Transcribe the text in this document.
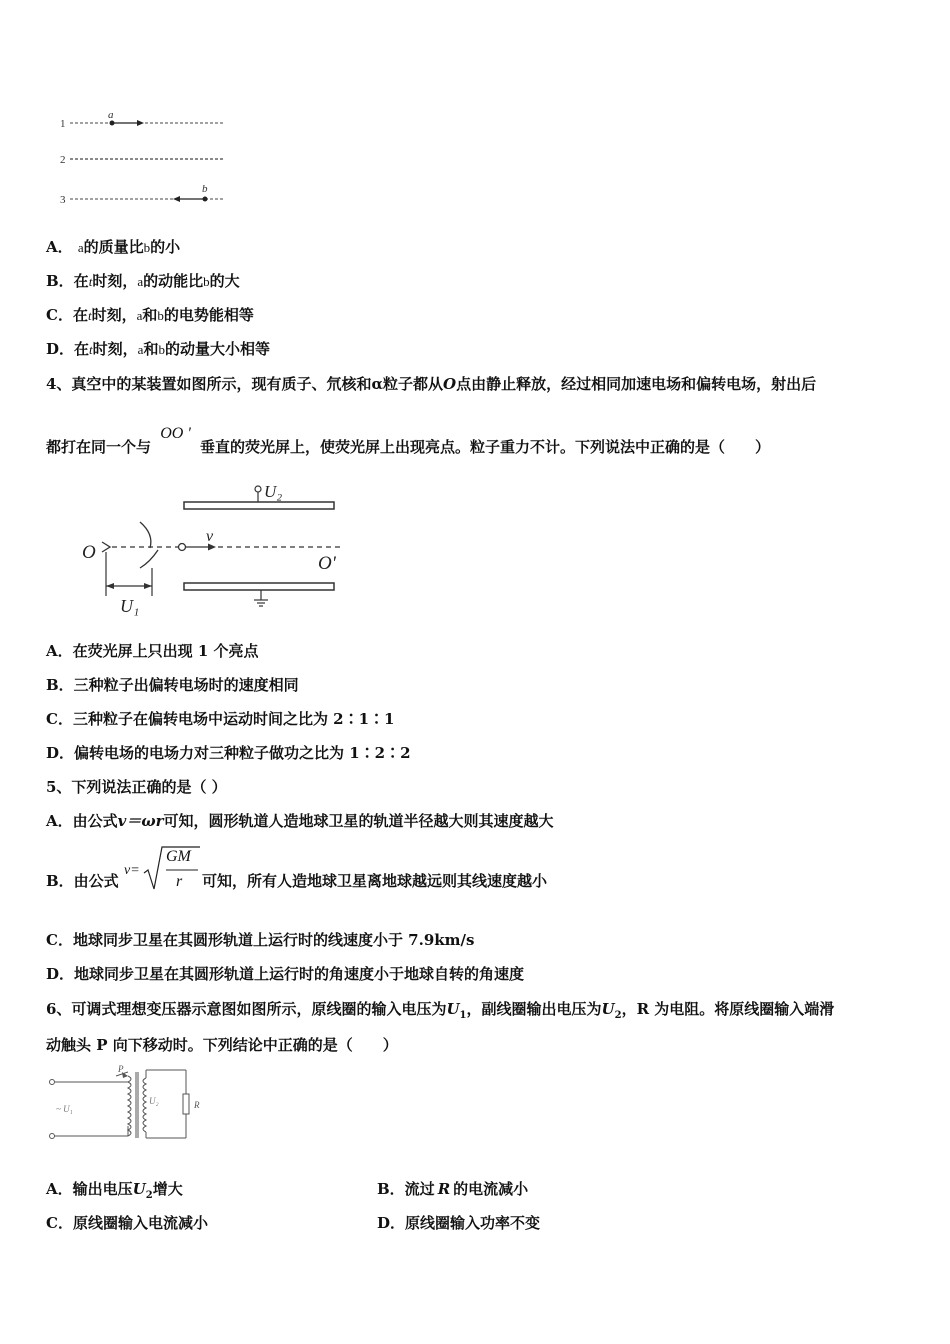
1
a
2
3
b
A． a的质量比b的小
B．在t时刻，a的动能比b的大
C．在t时刻，a和b的电势能相等
D．在t时刻，a和b的动量大小相等
4、真空中的某装置如图所示，现有质子、氘核和α粒子都从O点由静止释放，经过相同加速电场和偏转电场，射出后
都打在同一个与 OO ' 垂直的荧光屏上，使荧光屏上出现亮点。粒子重力不计。下列说法中正确的是（　　）
U₂
O
v
O'
U₁
A．在荧光屏上只出现 1 个亮点
B．三种粒子出偏转电场时的速度相同
C．三种粒子在偏转电场中运动时间之比为 2∶1∶1
D．偏转电场的电场力对三种粒子做功之比为 1∶2∶2
5、下列说法正确的是（ ）
A．由公式v＝ωr可知，圆形轨道人造地球卫星的轨道半径越大则其速度越大
B．由公式
v=
GM
r 可知，所有人造地球卫星离地球越远则其线速度越小
C．地球同步卫星在其圆形轨道上运行时的线速度小于 7.9km/s
D．地球同步卫星在其圆形轨道上运行时的角速度小于地球自转的角速度
6、可调式理想变压器示意图如图所示，原线圈的输入电压为$U_1$，副线圈输出电压为$U_2$，R 为电阻。将原线圈输入端滑
动触头 P 向下移动时。下列结论中正确的是（　　）
~ U₁
P
U₂	R
A．输出电压$U_2$增大	B．流过 R 的电流减小
C．原线圈输入电流减小	D．原线圈输入功率不变
